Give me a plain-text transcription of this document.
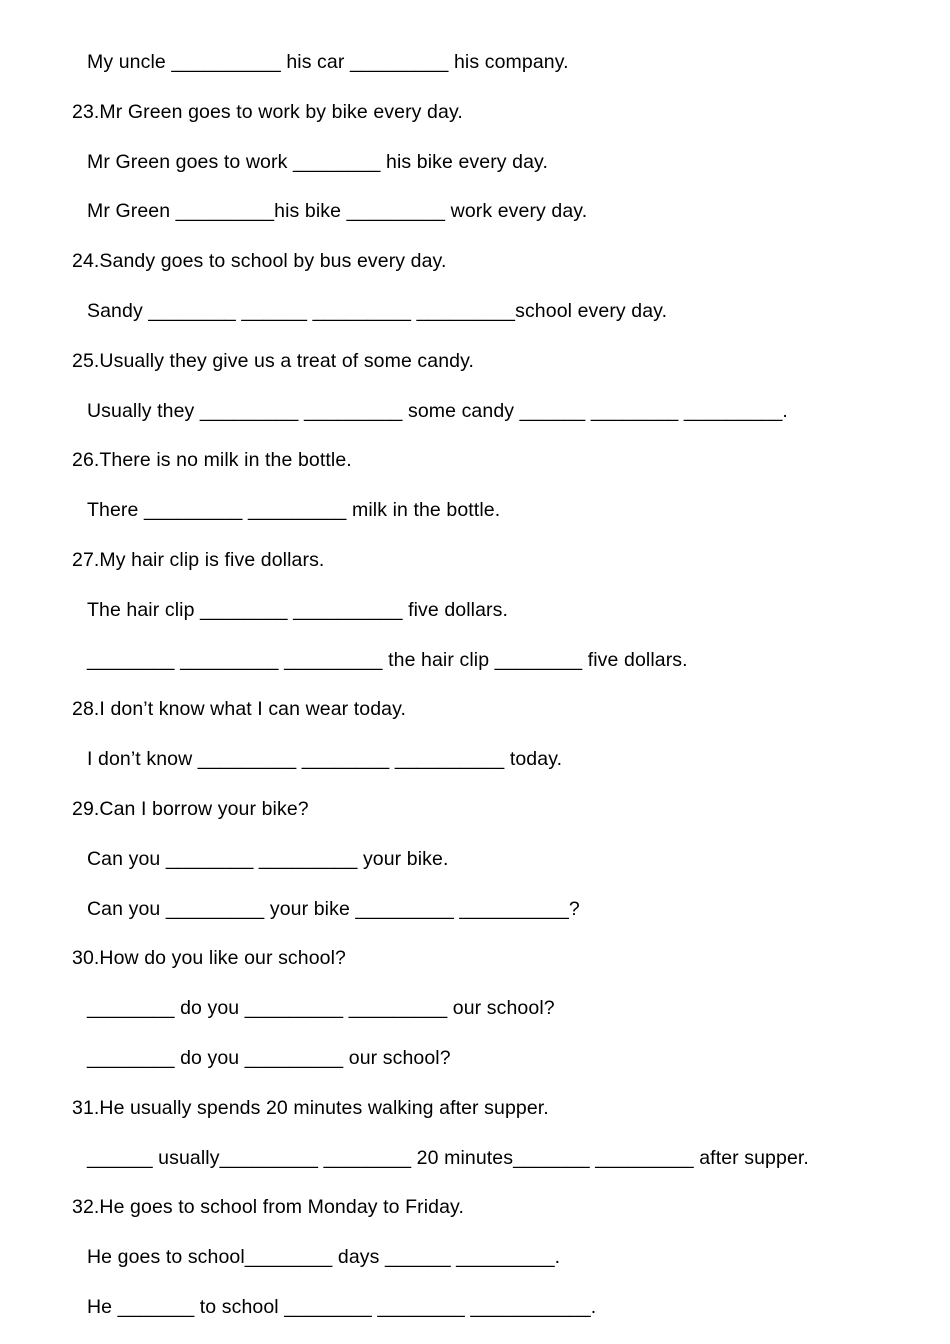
My uncle __________ his car _________ his company.
23.Mr Green goes to work by bike every day.
Mr Green goes to work ________ his bike every day.
Mr Green _________his bike _________ work every day.
24.Sandy goes to school by bus every day.
Sandy ________ ______ _________ _________school every day.
25.Usually they give us a treat of some candy.
Usually they _________ _________ some candy ______ ________ _________.
26.There is no milk in the bottle.
There _________ _________ milk in the bottle.
27.My hair clip is five dollars.
The hair clip ________ __________ five dollars.
________ _________ _________ the hair clip ________ five dollars.
28.I don’t know what I can wear today.
I don’t know _________ ________ __________ today.
29.Can I borrow your bike?
Can you ________ _________ your bike.
Can you _________ your bike _________ __________?
30.How do you like our school?
________ do you _________ _________ our school?
________ do you _________ our school?
31.He usually spends 20 minutes walking after supper.
______ usually_________ ________ 20 minutes_______ _________ after supper.
32.He goes to school from Monday to Friday.
He goes to school________ days ______ _________.
He _______ to school ________ ________ ___________.
